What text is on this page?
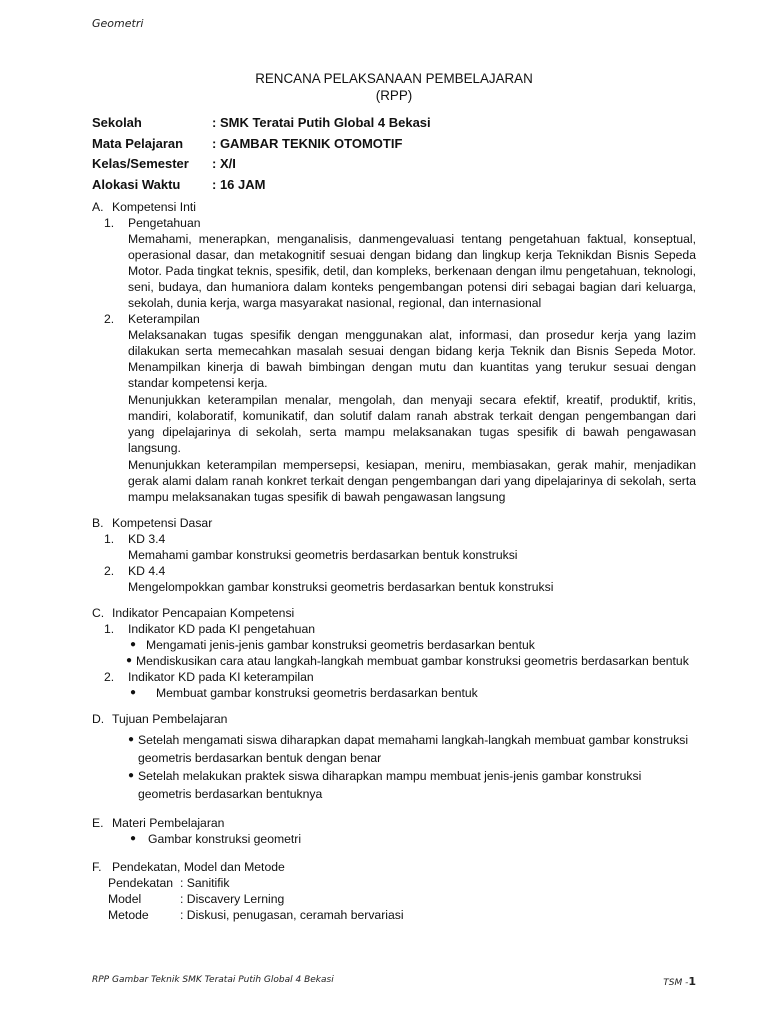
Geometri
RENCANA PELAKSANAAN PEMBELAJARAN
(RPP)
Sekolah	: SMK Teratai Putih Global 4 Bekasi
Mata Pelajaran	: GAMBAR TEKNIK OTOMOTIF
Kelas/Semester	: X/I
Alokasi Waktu	: 16 JAM
A. Kompetensi Inti
1.	Pengetahuan
Memahami, menerapkan, menganalisis, danmengevaluasi tentang pengetahuan faktual, konseptual, operasional dasar, dan metakognitif sesuai dengan bidang dan lingkup kerja Teknikdan Bisnis Sepeda Motor. Pada tingkat teknis, spesifik, detil, dan kompleks, berkenaan dengan ilmu pengetahuan, teknologi, seni, budaya, dan humaniora dalam konteks pengembangan potensi diri sebagai bagian dari keluarga, sekolah, dunia kerja, warga masyarakat nasional, regional, dan internasional
2.	Keterampilan
Melaksanakan tugas spesifik dengan menggunakan alat, informasi, dan prosedur kerja yang lazim dilakukan serta memecahkan masalah sesuai dengan bidang kerja Teknik dan Bisnis Sepeda Motor. Menampilkan kinerja di bawah bimbingan dengan mutu dan kuantitas yang terukur sesuai dengan standar kompetensi kerja.
Menunjukkan keterampilan menalar, mengolah, dan menyaji secara efektif, kreatif, produktif, kritis, mandiri, kolaboratif, komunikatif, dan solutif dalam ranah abstrak terkait dengan pengembangan dari yang dipelajarinya di sekolah, serta mampu melaksanakan tugas spesifik di bawah pengawasan langsung.
Menunjukkan keterampilan mempersepsi, kesiapan, meniru, membiasakan, gerak mahir, menjadikan gerak alami dalam ranah konkret terkait dengan pengembangan dari yang dipelajarinya di sekolah, serta mampu melaksanakan tugas spesifik di bawah pengawasan langsung
B. Kompetensi Dasar
1.	KD 3.4
Memahami gambar konstruksi geometris berdasarkan bentuk konstruksi
2.	KD 4.4
Mengelompokkan gambar konstruksi geometris berdasarkan bentuk konstruksi
C. Indikator Pencapaian Kompetensi
1.	Indikator KD pada KI pengetahuan
● Mengamati jenis-jenis gambar konstruksi geometris berdasarkan bentuk
● Mendiskusikan cara atau langkah-langkah membuat gambar konstruksi geometris berdasarkan bentuk
2.	Indikator KD pada KI keterampilan
●	Membuat gambar konstruksi geometris berdasarkan bentuk
D. Tujuan Pembelajaran
● Setelah mengamati siswa diharapkan dapat memahami langkah-langkah membuat gambar konstruksi geometris berdasarkan bentuk dengan benar
● Setelah melakukan praktek siswa diharapkan mampu membuat jenis-jenis gambar konstruksi geometris berdasarkan bentuknya
E. Materi Pembelajaran
● Gambar konstruksi geometri
F. Pendekatan, Model dan Metode
Pendekatan : Sanitifik
Model	: Discavery Lerning
Metode	: Diskusi, penugasan, ceramah bervariasi
RPP Gambar Teknik SMK Teratai Putih Global 4 Bekasi	TSM -1
